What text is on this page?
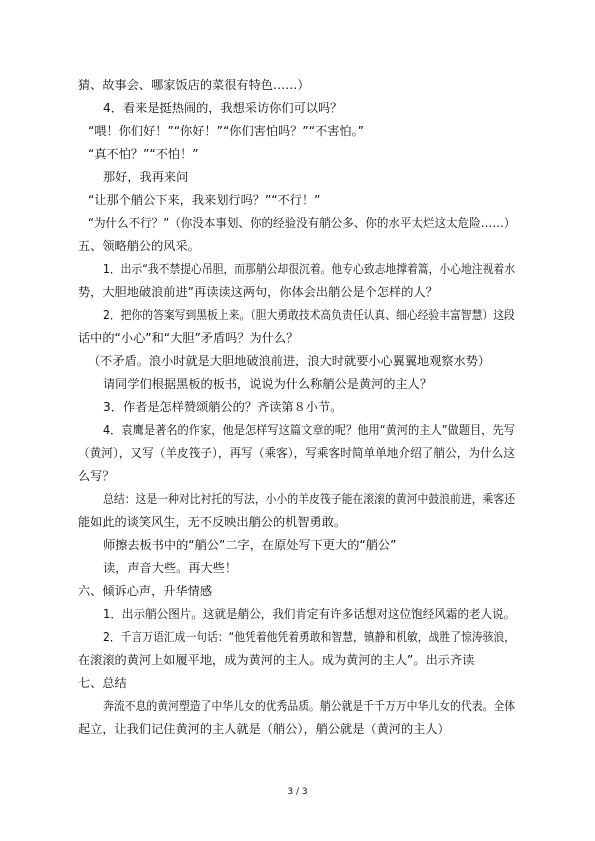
猜、故事会、哪家饭店的菜很有特色……）
4．看来是挺热闹的，我想采访你们可以吗？
“喂！你们好！”“你好！”“你们害怕吗？”“不害怕。”
“真不怕？”“不怕！”
那好，我再来问
“让那个艄公下来，我来划行吗？”“不行！”
“为什么不行？”（你没本事划、你的经验没有艄公多、你的水平太烂这太危险……）
五、领略艄公的风采。
1．出示“我不禁提心吊胆，而那艄公却很沉着。他专心致志地撑着篙，小心地注视着水
势，大胆地破浪前进”再读读这两句，你体会出艄公是个怎样的人？
2．把你的答案写到黑板上来。（胆大勇敢技术高负责任认真、细心经验丰富智慧）这段
话中的“小心”和“大胆”矛盾吗？为什么？
（不矛盾。浪小时就是大胆地破浪前进，浪大时就要小心翼翼地观察水势）
请同学们根据黑板的板书，说说为什么称艄公是黄河的主人？
3．作者是怎样赞颂艄公的？齐读第８小节。
4．袁鹰是著名的作家，他是怎样写这篇文章的呢？他用“黄河的主人”做题目，先写
（黄河），又写（羊皮筏子），再写（乘客），写乘客时简单单地介绍了艄公，为什么这
么写？
总结：这是一种对比衬托的写法，小小的羊皮筏子能在滚滚的黄河中鼓浪前进，乘客还
能如此的谈笑风生，无不反映出艄公的机智勇敢。
师擦去板书中的“艄公”二字，在原处写下更大的“艄公”
读，声音大些。再大些！
六、倾诉心声，升华情感
1．出示艄公图片。这就是艄公，我们肯定有许多话想对这位饱经风霜的老人说。
2．千言万语汇成一句话：“他凭着他凭着勇敢和智慧，镇静和机敏，战胜了惊涛骇浪，
在滚滚的黄河上如履平地，成为黄河的主人。成为黄河的主人”。出示齐读
七、总结
奔流不息的黄河塑造了中华儿女的优秀品质。艄公就是千千万万中华儿女的代表。全体
起立，让我们记住黄河的主人就是（艄公），艄公就是（黄河的主人）
3 / 3
